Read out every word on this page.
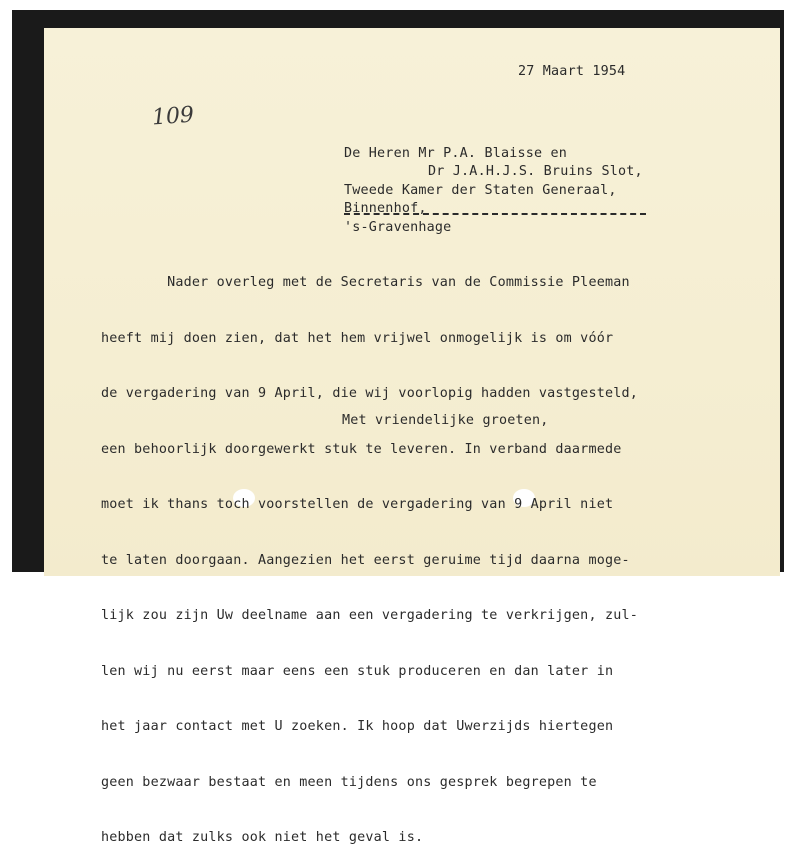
27 Maart 1954
109
De Heren Mr P.A. Blaisse en
Dr J.A.H.J.S. Bruins Slot,
Tweede Kamer der Staten Generaal,
Binnenhof,
's-Gravenhage

Nader overleg met de Secretaris van de Commissie Pleeman

heeft mij doen zien, dat het hem vrijwel onmogelijk is om vóór

de vergadering van 9 April, die wij voorlopig hadden vastgesteld,

een behoorlijk doorgewerkt stuk te leveren. In verband daarmede

moet ik thans toch voorstellen de vergadering van 9 April niet

te laten doorgaan. Aangezien het eerst geruime tijd daarna moge-

lijk zou zijn Uw deelname aan een vergadering te verkrijgen, zul-

len wij nu eerst maar eens een stuk produceren en dan later in

het jaar contact met U zoeken. Ik hoop dat Uwerzijds hiertegen

geen bezwaar bestaat en meen tijdens ons gesprek begrepen te

hebben dat zulks ook niet het geval is.

Met vriendelijke groeten,
